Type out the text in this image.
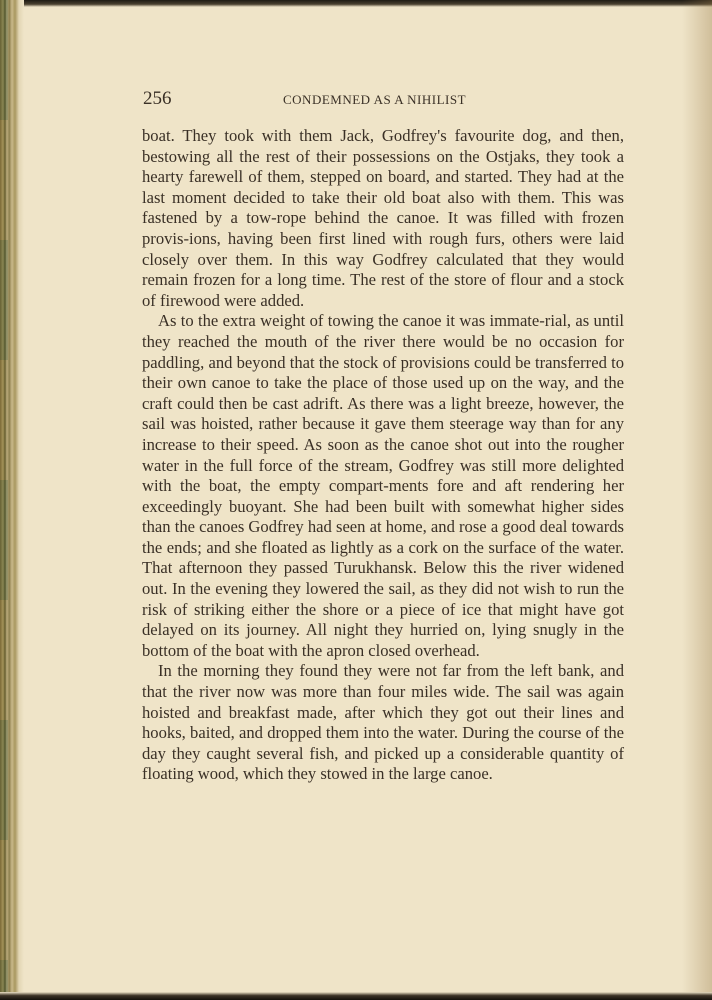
256	CONDEMNED AS A NIHILIST

boat. They took with them Jack, Godfrey's favourite dog, and then, bestowing all the rest of their possessions on the Ostjaks, they took a hearty farewell of them, stepped on board, and started. They had at the last moment decided to take their old boat also with them. This was fastened by a tow-rope behind the canoe. It was filled with frozen provis-ions, having been first lined with rough furs, others were laid closely over them. In this way Godfrey calculated that they would remain frozen for a long time. The rest of the store of flour and a stock of firewood were added.

As to the extra weight of towing the canoe it was immate-rial, as until they reached the mouth of the river there would be no occasion for paddling, and beyond that the stock of provisions could be transferred to their own canoe to take the place of those used up on the way, and the craft could then be cast adrift. As there was a light breeze, however, the sail was hoisted, rather because it gave them steerage way than for any increase to their speed. As soon as the canoe shot out into the rougher water in the full force of the stream, Godfrey was still more delighted with the boat, the empty compart-ments fore and aft rendering her exceedingly buoyant. She had been built with somewhat higher sides than the canoes Godfrey had seen at home, and rose a good deal towards the ends; and she floated as lightly as a cork on the surface of the water. That afternoon they passed Turukhansk. Below this the river widened out. In the evening they lowered the sail, as they did not wish to run the risk of striking either the shore or a piece of ice that might have got delayed on its journey. All night they hurried on, lying snugly in the bottom of the boat with the apron closed overhead.

In the morning they found they were not far from the left bank, and that the river now was more than four miles wide. The sail was again hoisted and breakfast made, after which they got out their lines and hooks, baited, and dropped them into the water. During the course of the day they caught several fish, and picked up a considerable quantity of floating wood, which they stowed in the large canoe.
